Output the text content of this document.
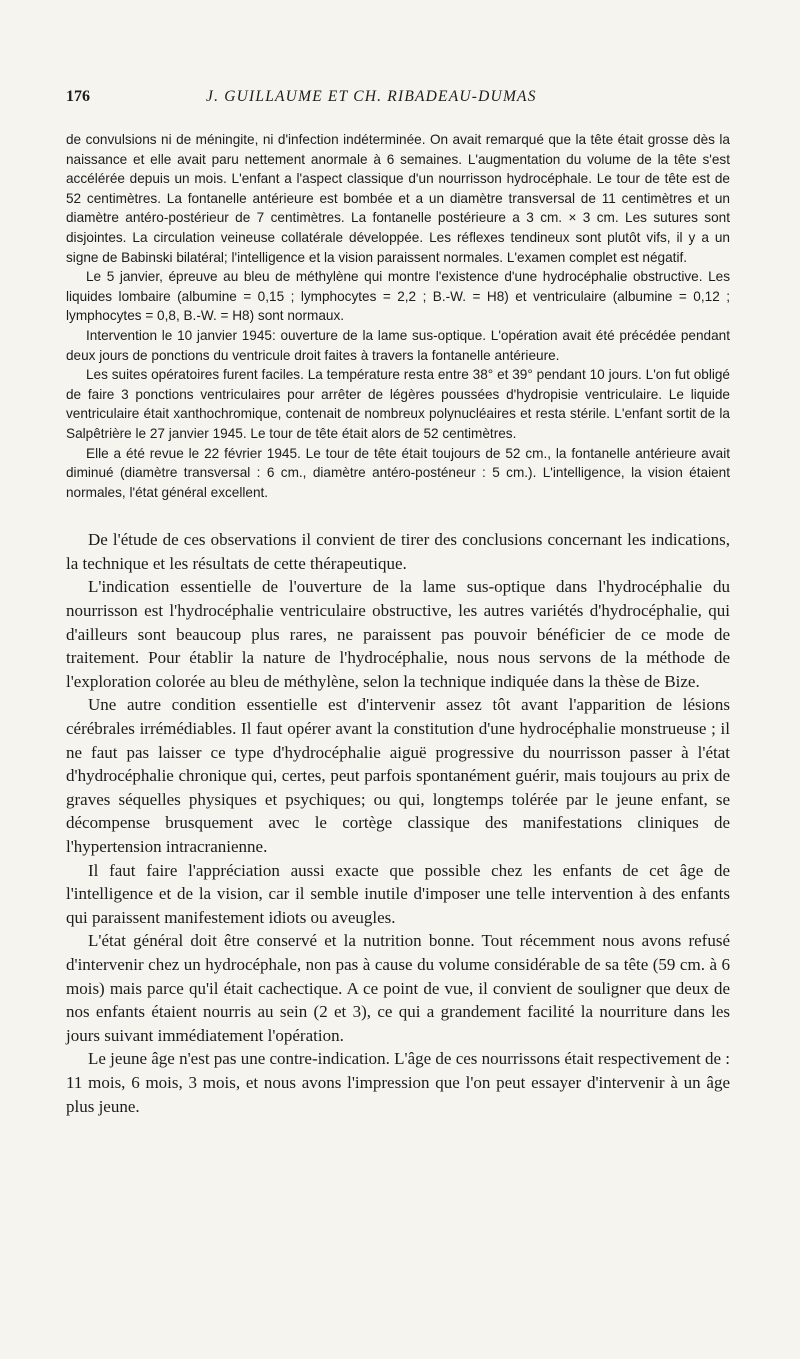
176	J. GUILLAUME ET CH. RIBADEAU-DUMAS

de convulsions ni de méningite, ni d'infection indéterminée. On avait remarqué que la tête était grosse dès la naissance et elle avait paru nettement anormale à 6 semaines. L'augmentation du volume de la tête s'est accélérée depuis un mois. L'enfant a l'aspect classique d'un nourrisson hydrocéphale. Le tour de tête est de 52 centimètres. La fontanelle antérieure est bombée et a un diamètre transversal de 11 centimètres et un diamètre antéro-postérieur de 7 centimètres. La fontanelle postérieure a 3 cm. × 3 cm. Les sutures sont disjointes. La circulation veineuse collatérale développée. Les réflexes tendineux sont plutôt vifs, il y a un signe de Babinski bilatéral; l'intelligence et la vision paraissent normales. L'examen complet est négatif.

Le 5 janvier, épreuve au bleu de méthylène qui montre l'existence d'une hydrocéphalie obstructive. Les liquides lombaire (albumine = 0,15 ; lymphocytes = 2,2 ; B.-W. = H8) et ventriculaire (albumine = 0,12 ; lymphocytes = 0,8, B.-W. = H8) sont normaux.

Intervention le 10 janvier 1945: ouverture de la lame sus-optique. L'opération avait été précédée pendant deux jours de ponctions du ventricule droit faites à travers la fontanelle antérieure.

Les suites opératoires furent faciles. La température resta entre 38° et 39° pendant 10 jours. L'on fut obligé de faire 3 ponctions ventriculaires pour arrêter de légères poussées d'hydropisie ventriculaire. Le liquide ventriculaire était xanthochromique, contenait de nombreux polynucléaires et resta stérile. L'enfant sortit de la Salpêtrière le 27 janvier 1945. Le tour de tête était alors de 52 centimètres.

Elle a été revue le 22 février 1945. Le tour de tête était toujours de 52 cm., la fontanelle antérieure avait diminué (diamètre transversal : 6 cm., diamètre antéro-posténeur : 5 cm.). L'intelligence, la vision étaient normales, l'état général excellent.

De l'étude de ces observations il convient de tirer des conclusions concernant les indications, la technique et les résultats de cette thérapeutique.

L'indication essentielle de l'ouverture de la lame sus-optique dans l'hydrocéphalie du nourrisson est l'hydrocéphalie ventriculaire obstructive, les autres variétés d'hydrocéphalie, qui d'ailleurs sont beaucoup plus rares, ne paraissent pas pouvoir bénéficier de ce mode de traitement. Pour établir la nature de l'hydrocéphalie, nous nous servons de la méthode de l'exploration colorée au bleu de méthylène, selon la technique indiquée dans la thèse de Bize.

Une autre condition essentielle est d'intervenir assez tôt avant l'apparition de lésions cérébrales irrémédiables. Il faut opérer avant la constitution d'une hydrocéphalie monstrueuse ; il ne faut pas laisser ce type d'hydrocéphalie aiguë progressive du nourrisson passer à l'état d'hydrocéphalie chronique qui, certes, peut parfois spontanément guérir, mais toujours au prix de graves séquelles physiques et psychiques; ou qui, longtemps tolérée par le jeune enfant, se décompense brusquement avec le cortège classique des manifestations cliniques de l'hypertension intracranienne.

Il faut faire l'appréciation aussi exacte que possible chez les enfants de cet âge de l'intelligence et de la vision, car il semble inutile d'imposer une telle intervention à des enfants qui paraissent manifestement idiots ou aveugles.

L'état général doit être conservé et la nutrition bonne. Tout récemment nous avons refusé d'intervenir chez un hydrocéphale, non pas à cause du volume considérable de sa tête (59 cm. à 6 mois) mais parce qu'il était cachectique. A ce point de vue, il convient de souligner que deux de nos enfants étaient nourris au sein (2 et 3), ce qui a grandement facilité la nourriture dans les jours suivant immédiatement l'opération.

Le jeune âge n'est pas une contre-indication. L'âge de ces nourrissons était respectivement de : 11 mois, 6 mois, 3 mois, et nous avons l'impression que l'on peut essayer d'intervenir à un âge plus jeune.
